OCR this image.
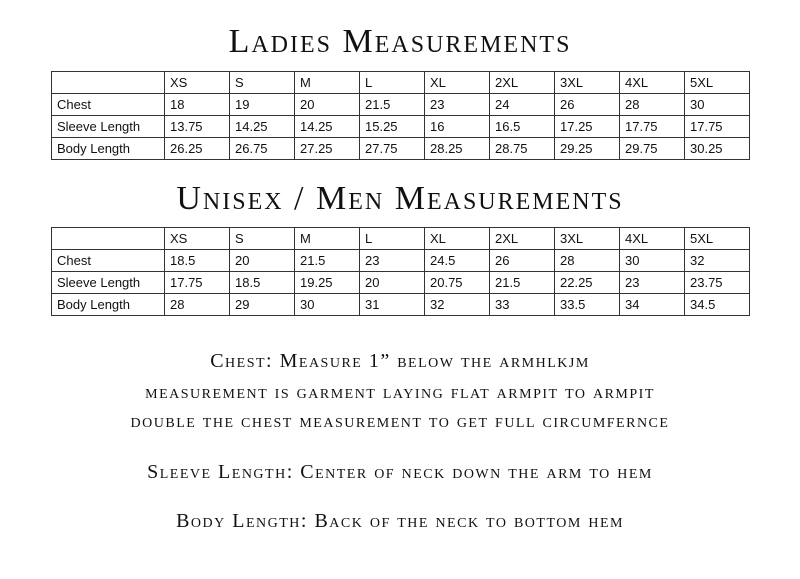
Ladies Measurements
	XS	S	M	L	XL	2XL	3XL	4XL	5XL
Chest	18	19	20	21.5	23	24	26	28	30
Sleeve Length	13.75	14.25	14.25	15.25	16	16.5	17.25	17.75	17.75
Body Length	26.25	26.75	27.25	27.75	28.25	28.75	29.25	29.75	30.25
Unisex / Men Measurements
	XS	S	M	L	XL	2XL	3XL	4XL	5XL
Chest	18.5	20	21.5	23	24.5	26	28	30	32
Sleeve Length	17.75	18.5	19.25	20	20.75	21.5	22.25	23	23.75
Body Length	28	29	30	31	32	33	33.5	34	34.5
Chest: Measure 1” below the armhlkjm
measurement is garment laying flat armpit to armpit
double the chest measurement to get full circumfernce
Sleeve Length: Center of neck down the arm to hem
Body Length: Back of the neck to bottom hem
